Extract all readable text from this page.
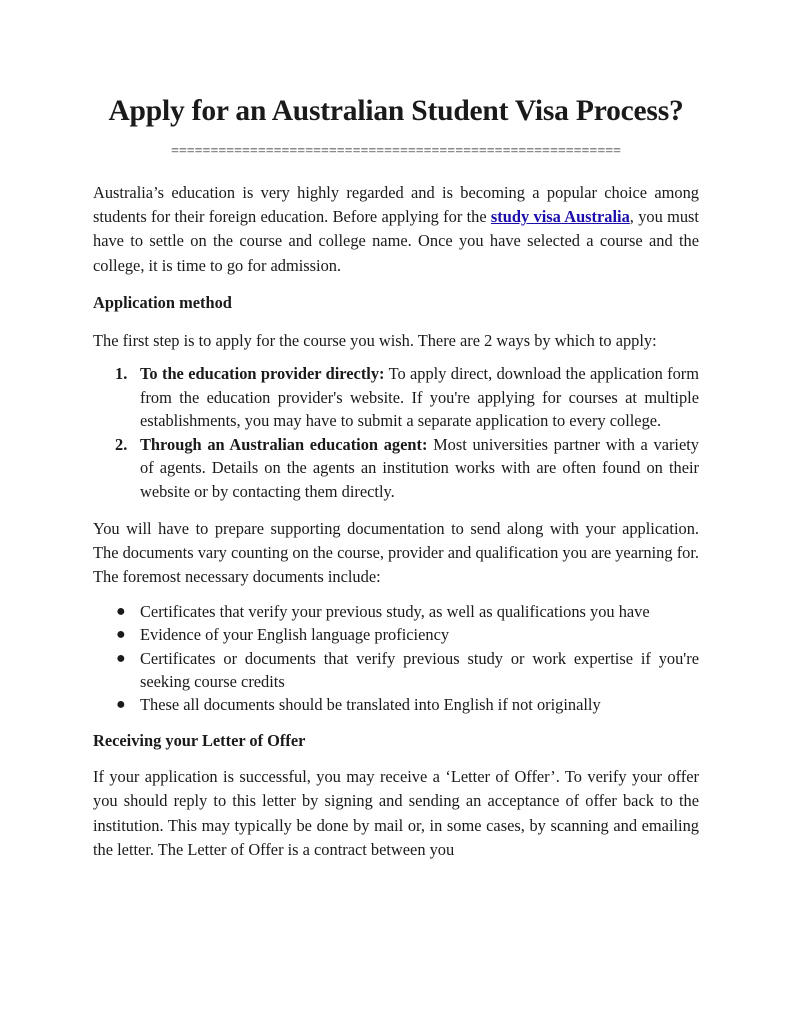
Apply for an Australian Student Visa Process?
=========================================================

Australia’s education is very highly regarded and is becoming a popular choice among students for their foreign education. Before applying for the study visa Australia, you must have to settle on the course and college name. Once you have selected a course and the college, it is time to go for admission.

Application method

The first step is to apply for the course you wish. There are 2 ways by which to apply:

1. To the education provider directly: To apply direct, download the application form from the education provider's website. If you're applying for courses at multiple establishments, you may have to submit a separate application to every college.
2. Through an Australian education agent: Most universities partner with a variety of agents. Details on the agents an institution works with are often found on their website or by contacting them directly.

You will have to prepare supporting documentation to send along with your application. The documents vary counting on the course, provider and qualification you are yearning for. The foremost necessary documents include:

● Certificates that verify your previous study, as well as qualifications you have
● Evidence of your English language proficiency
● Certificates or documents that verify previous study or work expertise if you're seeking course credits
● These all documents should be translated into English if not originally
Receiving your Letter of Offer

If your application is successful, you may receive a ‘Letter of Offer’. To verify your offer you should reply to this letter by signing and sending an acceptance of offer back to the institution. This may typically be done by mail or, in some cases, by scanning and emailing the letter. The Letter of Offer is a contract between you
